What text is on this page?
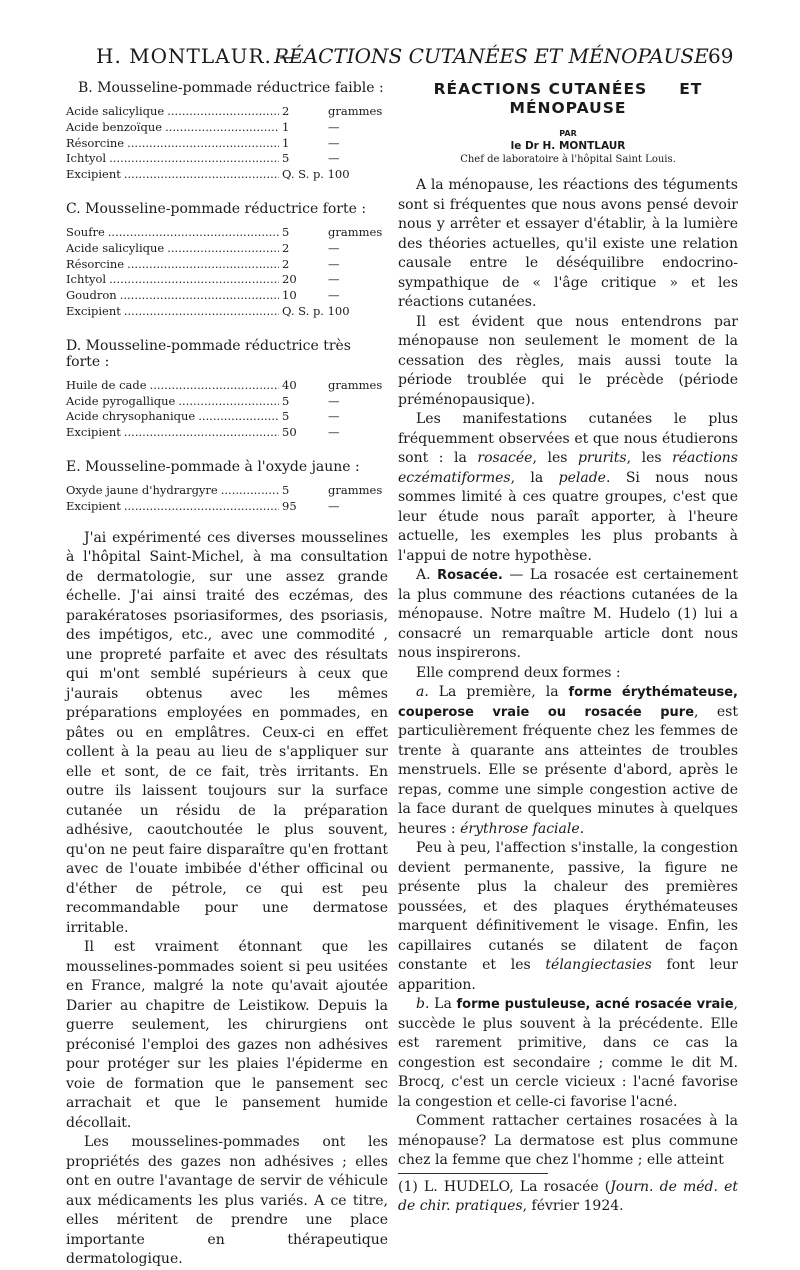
H. MONTLAUR. —
RÉACTIONS CUTANÉES ET MÉNOPAUSE 69
B. Mousseline-pommade réductrice faible :
Acide salicylique .....	2	grammes
Acide benzoïque .....	1	—
Résorcine .....	1	—
Ichtyol .....	5	—
Excipient .....	Q. S. p. 100
C. Mousseline-pommade réductrice forte :
Soufre .....	5	grammes
Acide salicylique .....	2	—
Résorcine .....	2	—
Ichtyol .....	20	—
Goudron .....	10	—
Excipient .....	Q. S. p. 100
D. Mousseline-pommade réductrice très forte :
Huile de cade .....	40	grammes
Acide pyrogallique .....	5	—
Acide chrysophanique .....	5	—
Excipient .....	50	—
E. Mousseline-pommade à l'oxyde jaune :
Oxyde jaune d'hydrargyre .....	5	grammes
Excipient .....	95	—

J'ai expérimenté ces diverses mousselines à l'hôpital Saint-Michel, à ma consultation de dermatologie, sur une assez grande échelle. J'ai ainsi traité des eczémas, des parakératoses psoriasiformes, des psoriasis, des impétigos, etc., avec une commodité , une propreté parfaite et avec des résultats qui m'ont semblé supérieurs à ceux que j'aurais obtenus avec les mêmes préparations employées en pommades, en pâtes ou en emplâtres. Ceux-ci en effet collent à la peau au lieu de s'appliquer sur elle et sont, de ce fait, très irritants. En outre ils laissent toujours sur la surface cutanée un résidu de la préparation adhésive, caoutchoutée le plus souvent, qu'on ne peut faire disparaître qu'en frottant avec de l'ouate imbibée d'éther officinal ou d'éther de pétrole, ce qui est peu recommandable pour une dermatose irritable.

Il est vraiment étonnant que les mousselines-pommades soient si peu usitées en France, malgré la note qu'avait ajoutée Darier au chapitre de Leistikow. Depuis la guerre seulement, les chirurgiens ont préconisé l'emploi des gazes non adhésives pour protéger sur les plaies l'épiderme en voie de formation que le pansement sec arrachait et que le pansement humide décollait.

Les mousselines-pommades ont les propriétés des gazes non adhésives ; elles ont en outre l'avantage de servir de véhicule aux médicaments les plus variés. A ce titre, elles méritent de prendre une place importante en thérapeutique dermatologique.

RÉACTIONS CUTANÉES ET

MÉNOPAUSE

PAR
le Dr H. MONTLAUR
Chef de laboratoire à l'hôpital Saint Louis.

A la ménopause, les réactions des téguments sont si fréquentes que nous avons pensé devoir nous y arrêter et essayer d'établir, à la lumière des théories actuelles, qu'il existe une relation causale entre le déséquilibre endocrino-sympathique de « l'âge critique » et les réactions cutanées.

Il est évident que nous entendrons par ménopause non seulement le moment de la cessation des règles, mais aussi toute la période troublée qui le précède (période préménopausique).

Les manifestations cutanées le plus fréquemment observées et que nous étudierons sont : la rosacée, les prurits, les réactions eczématiformes, la pelade. Si nous nous sommes limité à ces quatre groupes, c'est que leur étude nous paraît apporter, à l'heure actuelle, les exemples les plus probants à l'appui de notre hypothèse.

A. Rosacée. — La rosacée est certainement la plus commune des réactions cutanées de la ménopause. Notre maître M. Hudelo (1) lui a consacré un remarquable article dont nous nous inspirerons.

Elle comprend deux formes :

a. La première, la forme érythémateuse, couperose vraie ou rosacée pure, est particulièrement fréquente chez les femmes de trente à quarante ans atteintes de troubles menstruels. Elle se présente d'abord, après le repas, comme une simple congestion active de la face durant de quelques minutes à quelques heures : érythrose faciale.

Peu à peu, l'affection s'installe, la congestion devient permanente, passive, la figure ne présente plus la chaleur des premières poussées, et des plaques érythémateuses marquent définitivement le visage. Enfin, les capillaires cutanés se dilatent de façon constante et les télangiectasies font leur apparition.

b. La forme pustuleuse, acné rosacée vraie, succède le plus souvent à la précédente. Elle est rarement primitive, dans ce cas la congestion est secondaire ; comme le dit M. Brocq, c'est un cercle vicieux : l'acné favorise la congestion et celle-ci favorise l'acné.

Comment rattacher certaines rosacées à la ménopause? La dermatose est plus commune chez la femme que chez l'homme ; elle atteint

(1) L. HUDELO, La rosacée (Journ. de méd. et de chir. pratiques, février 1924.
